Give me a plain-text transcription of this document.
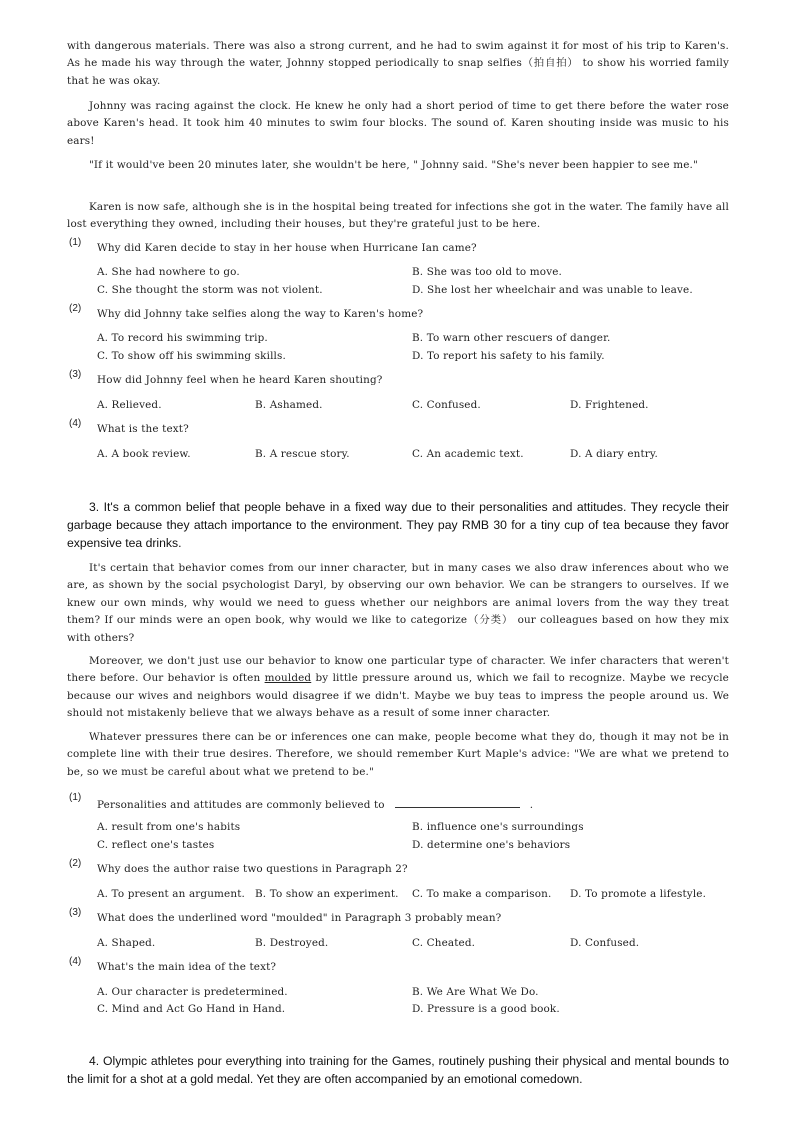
with dangerous materials. There was also a strong current, and he had to swim against it for most of his trip to Karen's. As he made his way through the water, Johnny stopped periodically to snap selfies（拍自拍） to show his worried family that he was okay.

Johnny was racing against the clock. He knew he only had a short period of time to get there before the water rose above Karen's head. It took him 40 minutes to swim four blocks. The sound of. Karen shouting inside was music to his ears!

"If it would've been 20 minutes later, she wouldn't be here, " Johnny said. "She's never been happier to see me."

Karen is now safe, although she is in the hospital being treated for infections she got in the water. The family have all lost everything they owned, including their houses, but they're grateful just to be here.

(1) Why did Karen decide to stay in her house when Hurricane Ian came?
A. She had nowhere to go.	B. She was too old to move.
C. She thought the storm was not violent.	D. She lost her wheelchair and was unable to leave.
(2) Why did Johnny take selfies along the way to Karen's home?
A. To record his swimming trip.	B. To warn other rescuers of danger.
C. To show off his swimming skills.	D. To report his safety to his family.
(3) How did Johnny feel when he heard Karen shouting?
A. Relieved.	B. Ashamed.	C. Confused.	D. Frightened.
(4) What is the text?
A. A book review.	B. A rescue story.	C. An academic text.	D. A diary entry.

3. It's a common belief that people behave in a fixed way due to their personalities and attitudes. They recycle their garbage because they attach importance to the environment. They pay RMB 30 for a tiny cup of tea because they favor expensive tea drinks.

It's certain that behavior comes from our inner character, but in many cases we also draw inferences about who we are, as shown by the social psychologist Daryl, by observing our own behavior. We can be strangers to ourselves. If we knew our own minds, why would we need to guess whether our neighbors are animal lovers from the way they treat them? If our minds were an open book, why would we like to categorize（分类） our colleagues based on how they mix with others?

Moreover, we don't just use our behavior to know one particular type of character. We infer characters that weren't there before. Our behavior is often moulded by little pressure around us, which we fail to recognize. Maybe we recycle because our wives and neighbors would disagree if we didn't. Maybe we buy teas to impress the people around us. We should not mistakenly believe that we always behave as a result of some inner character.

Whatever pressures there can be or inferences one can make, people become what they do, though it may not be in complete line with their true desires. Therefore, we should remember Kurt Maple's advice: "We are what we pretend to be, so we must be careful about what we pretend to be."

(1)
Personalities and attitudes are commonly believed to	.
A. result from one's habits	B. influence one's surroundings
C. reflect one's tastes	D. determine one's behaviors
(2) Why does the author raise two questions in Paragraph 2?
A. To present an argument. B. To show an experiment. C. To make a comparison. D. To promote a lifestyle.
(3) What does the underlined word "moulded" in Paragraph 3 probably mean?
A. Shaped.	B. Destroyed.	C. Cheated.	D. Confused.
(4) What's the main idea of the text?
A. Our character is predetermined.	B. We Are What We Do.
C. Mind and Act Go Hand in Hand.	D. Pressure is a good book.

4. Olympic athletes pour everything into training for the Games, routinely pushing their physical and mental bounds to the limit for a shot at a gold medal. Yet they are often accompanied by an emotional comedown.
